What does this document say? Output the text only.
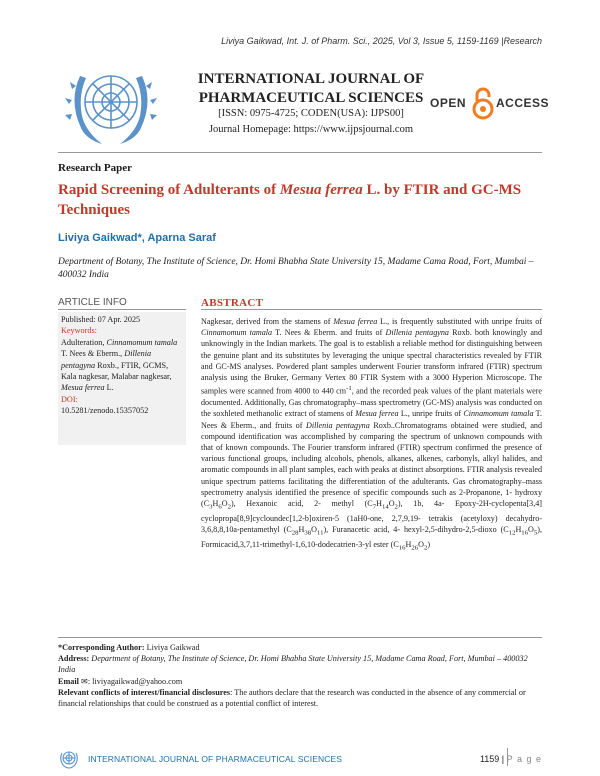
Liviya Gaikwad, Int. J. of Pharm. Sci., 2025, Vol 3, Issue 5, 1159-1169 |Research
INTERNATIONAL JOURNAL OF
PHARMACEUTICAL SCIENCES
[ISSN: 0975-4725; CODEN(USA): IJPS00]
Journal Homepage: https://www.ijpsjournal.com
OPEN ACCESS
Research Paper
Rapid Screening of Adulterants of Mesua ferrea L. by FTIR and GC-MS Techniques
Liviya Gaikwad*, Aparna Saraf
Department of Botany, The Institute of Science, Dr. Homi Bhabha State University 15, Madame Cama Road, Fort, Mumbai – 400032 India
ARTICLE INFO
Published: 07 Apr. 2025
Keywords:
Adulteration, Cinnamomum tamala T. Nees & Eberm., Dillenia pentagyna Roxb., FTIR, GCMS, Kala nagkesar, Malabar nagkesar, Mesua ferrea L.
DOI:
10.5281/zenodo.15357052
ABSTRACT
Nagkesar, derived from the stamens of Mesua ferrea L., is frequently substituted with unripe fruits of Cinnamomum tamala T. Nees & Eberm. and fruits of Dillenia pentagyna Roxb. both knowingly and unknowingly in the Indian markets. The goal is to establish a reliable method for distinguishing between the genuine plant and its substitutes by leveraging the unique spectral characteristics revealed by FTIR and GC-MS analyses. Powdered plant samples underwent Fourier transform infrared (FTIR) spectrum analysis using the Bruker, Germany Vertex 80 FTIR System with a 3000 Hyperion Microscope. The samples were scanned from 4000 to 440 $cm^{-1}$, and the recorded peak values of the plant materials were documented. Additionally, Gas chromatography–mass spectrometry (GC-MS) analysis was conducted on the soxhleted methanolic extract of stamens of Mesua ferrea L., unripe fruits of Cinnamomum tamala T. Nees & Eberm., and fruits of Dillenia pentagyna Roxb..Chromatograms obtained were studied, and compound identification was accomplished by comparing the spectrum of unknown compounds with that of known compounds. The Fourier transform infrared (FTIR) spectrum confirmed the presence of various functional groups, including alcohols, phenols, alkanes, alkenes, carbonyls, alkyl halides, and aromatic compounds in all plant samples, each with peaks at distinct absorptions. FTIR analysis revealed unique spectrum patterns facilitating the differentiation of the adulterants. Gas chromatography–mass spectrometry analysis identified the presence of specific compounds such as 2-Propanone, 1- hydroxy $(C_3H_6O_2)$, Hexanoic acid, 2- methyl $(C_7H_{14}O_2)$, 1b, 4a- Epoxy-2H-cyclopenta[3,4] cyclopropa[8,9]cycloundec[1,2-b]oxiren-5 (1aH0-one, 2,7,9,19- tetrakis (acetyloxy) decahydro-3,6,8,8,10a-pentamethyl $(C_{28}H_{38}O_{11})$, Furanacetic acid, 4- hexyl-2,5-dihydro-2,5-dioxo $(C_{12}H_{16}O_5)$, Formicacid,3,7,11-trimethyl-1,6,10-dodecatrien-3-yl ester $(C_{16}H_{26}O_2)$
*Corresponding Author: Liviya Gaikwad
Address: Department of Botany, The Institute of Science, Dr. Homi Bhabha State University 15, Madame Cama Road, Fort, Mumbai – 400032 India
Email ✉: liviyagaikwad@yahoo.com
Relevant conflicts of interest/financial disclosures: The authors declare that the research was conducted in the absence of any commercial or financial relationships that could be construed as a potential conflict of interest.
INTERNATIONAL JOURNAL OF PHARMACEUTICAL SCIENCES	1159 | P a g e
